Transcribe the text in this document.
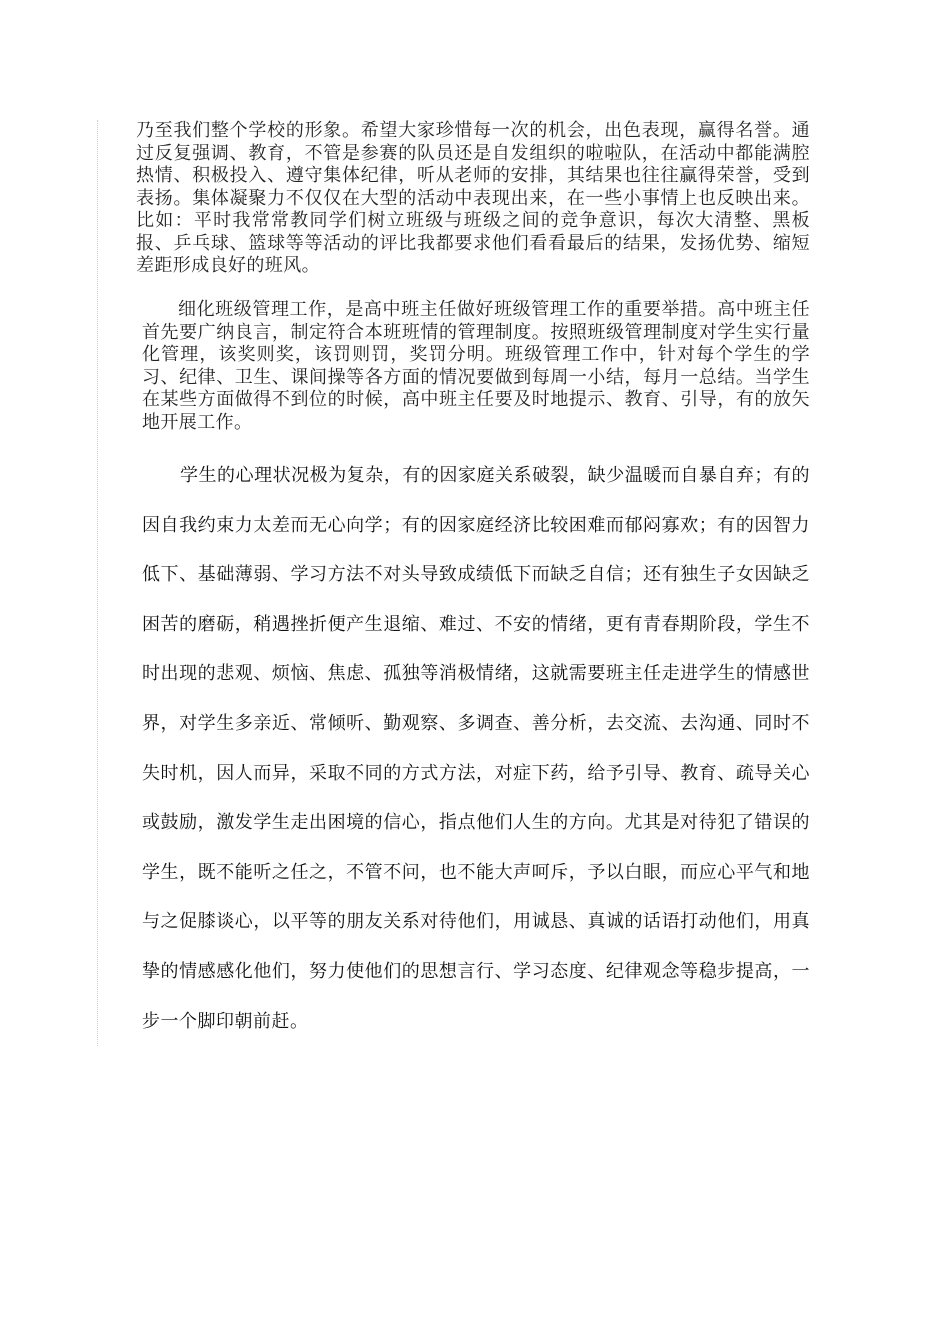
乃至我们整个学校的形象。希望大家珍惜每一次的机会，出色表现，赢得名誉。通过反复强调、教育，不管是参赛的队员还是自发组织的啦啦队，在活动中都能满腔热情、积极投入、遵守集体纪律，听从老师的安排，其结果也往往赢得荣誉，受到表扬。集体凝聚力不仅仅在大型的活动中表现出来，在一些小事情上也反映出来。比如：平时我常常教同学们树立班级与班级之间的竞争意识，每次大清整、黑板报、乒乓球、篮球等等活动的评比我都要求他们看看最后的结果，发扬优势、缩短差距形成良好的班风。

细化班级管理工作，是高中班主任做好班级管理工作的重要举措。高中班主任首先要广纳良言，制定符合本班班情的管理制度。按照班级管理制度对学生实行量化管理，该奖则奖，该罚则罚，奖罚分明。班级管理工作中，针对每个学生的学习、纪律、卫生、课间操等各方面的情况要做到每周一小结，每月一总结。当学生在某些方面做得不到位的时候，高中班主任要及时地提示、教育、引导，有的放矢地开展工作。

学生的心理状况极为复杂，有的因家庭关系破裂，缺少温暖而自暴自弃；有的因自我约束力太差而无心向学；有的因家庭经济比较困难而郁闷寡欢；有的因智力低下、基础薄弱、学习方法不对头导致成绩低下而缺乏自信；还有独生子女因缺乏困苦的磨砺，稍遇挫折便产生退缩、难过、不安的情绪，更有青春期阶段，学生不时出现的悲观、烦恼、焦虑、孤独等消极情绪，这就需要班主任走进学生的情感世界，对学生多亲近、常倾听、勤观察、多调查、善分析，去交流、去沟通、同时不失时机，因人而异，采取不同的方式方法，对症下药，给予引导、教育、疏导关心或鼓励，激发学生走出困境的信心，指点他们人生的方向。尤其是对待犯了错误的学生，既不能听之任之，不管不问，也不能大声呵斥，予以白眼，而应心平气和地与之促膝谈心，以平等的朋友关系对待他们，用诚恳、真诚的话语打动他们，用真挚的情感感化他们，努力使他们的思想言行、学习态度、纪律观念等稳步提高，一步一个脚印朝前赶。
